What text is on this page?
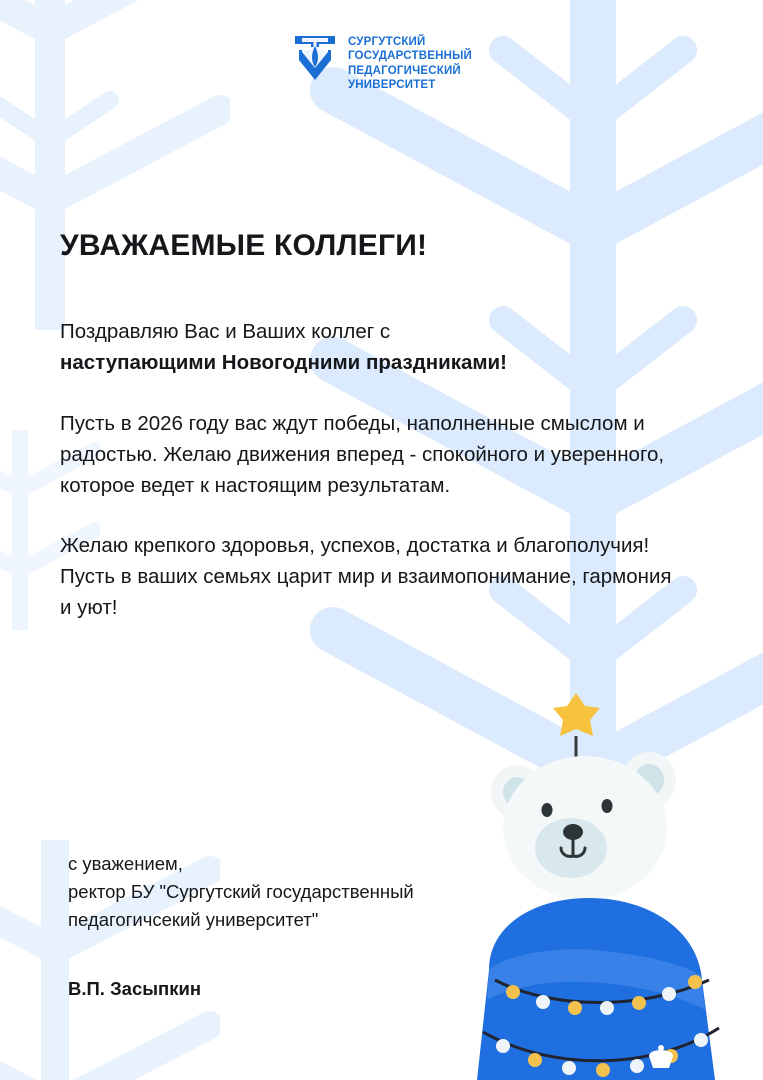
СУРГУТСКИЙ
ГОСУДАРСТВЕННЫЙ
ПЕДАГОГИЧЕСКИЙ
УНИВЕРСИТЕТ
УВАЖАЕМЫЕ КОЛЛЕГИ!

Поздравляю Вас и Ваших коллег с
наступающими Новогодними праздниками!

Пусть в 2026 году вас ждут победы, наполненные смыслом и радостью. Желаю движения вперед - спокойного и уверенного, которое ведет к настоящим результатам.

Желаю крепкого здоровья, успехов, достатка и благополучия! Пусть в ваших семьях царит мир и взаимопонимание, гармония и уют!

с уважением,
ректор БУ "Сургутский государственный
педагогичсекий университет"
В.П. Засыпкин
